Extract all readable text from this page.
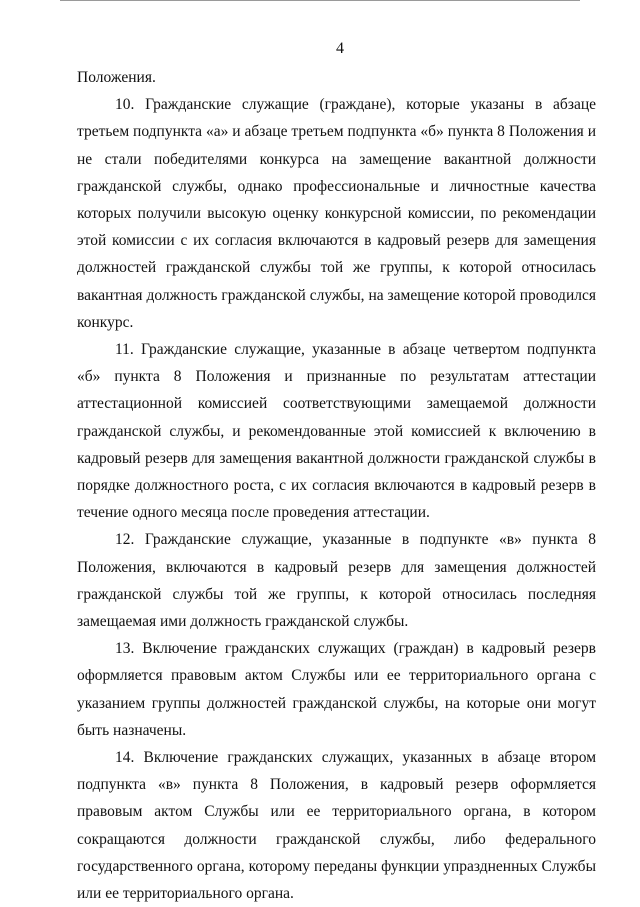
4

Положения.

10. Гражданские служащие (граждане), которые указаны в абзаце третьем подпункта «а» и абзаце третьем подпункта «б» пункта 8 Положения и не стали победителями конкурса на замещение вакантной должности гражданской службы, однако профессиональные и личностные качества которых получили высокую оценку конкурсной комиссии, по рекомендации этой комиссии с их согласия включаются в кадровый резерв для замещения должностей гражданской службы той же группы, к которой относилась вакантная должность гражданской службы, на замещение которой проводился конкурс.

11. Гражданские служащие, указанные в абзаце четвертом подпункта «б» пункта 8 Положения и признанные по результатам аттестации аттестационной комиссией соответствующими замещаемой должности гражданской службы, и рекомендованные этой комиссией к включению в кадровый резерв для замещения вакантной должности гражданской службы в порядке должностного роста, с их согласия включаются в кадровый резерв в течение одного месяца после проведения аттестации.

12. Гражданские служащие, указанные в подпункте «в» пункта 8 Положения, включаются в кадровый резерв для замещения должностей гражданской службы той же группы, к которой относилась последняя замещаемая ими должность гражданской службы.

13. Включение гражданских служащих (граждан) в кадровый резерв оформляется правовым актом Службы или ее территориального органа с указанием группы должностей гражданской службы, на которые они могут быть назначены.

14. Включение гражданских служащих, указанных в абзаце втором подпункта «в» пункта 8 Положения, в кадровый резерв оформляется правовым актом Службы или ее территориального органа, в котором сокращаются должности гражданской службы, либо федерального государственного органа, которому переданы функции упраздненных Службы или ее территориального органа.
